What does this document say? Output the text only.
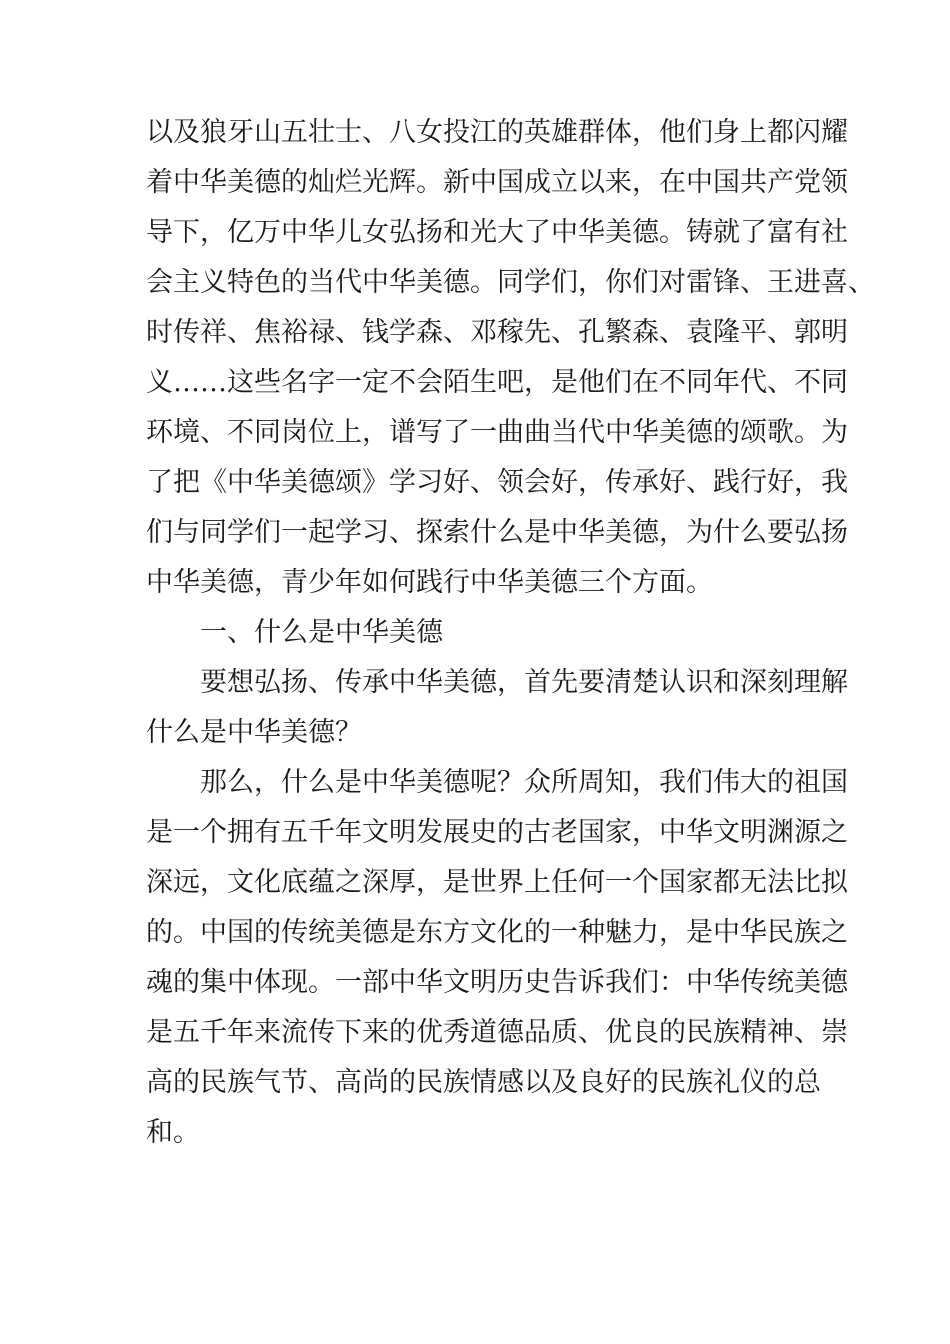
以及狼牙山五壮士、八女投江的英雄群体，他们身上都闪耀
着中华美德的灿烂光辉。新中国成立以来，在中国共产党领
导下，亿万中华儿女弘扬和光大了中华美德。铸就了富有社
会主义特色的当代中华美德。同学们，你们对雷锋、王进喜、
时传祥、焦裕禄、钱学森、邓稼先、孔繁森、袁隆平、郭明
义……这些名字一定不会陌生吧，是他们在不同年代、不同
环境、不同岗位上，谱写了一曲曲当代中华美德的颂歌。为
了把《中华美德颂》学习好、领会好，传承好、践行好，我
们与同学们一起学习、探索什么是中华美德，为什么要弘扬
中华美德，青少年如何践行中华美德三个方面。
一、什么是中华美德
要想弘扬、传承中华美德，首先要清楚认识和深刻理解
什么是中华美德？
那么，什么是中华美德呢？众所周知，我们伟大的祖国
是一个拥有五千年文明发展史的古老国家，中华文明渊源之
深远，文化底蕴之深厚，是世界上任何一个国家都无法比拟
的。中国的传统美德是东方文化的一种魅力，是中华民族之
魂的集中体现。一部中华文明历史告诉我们：中华传统美德
是五千年来流传下来的优秀道德品质、优良的民族精神、崇
高的民族气节、高尚的民族情感以及良好的民族礼仪的总
和。
